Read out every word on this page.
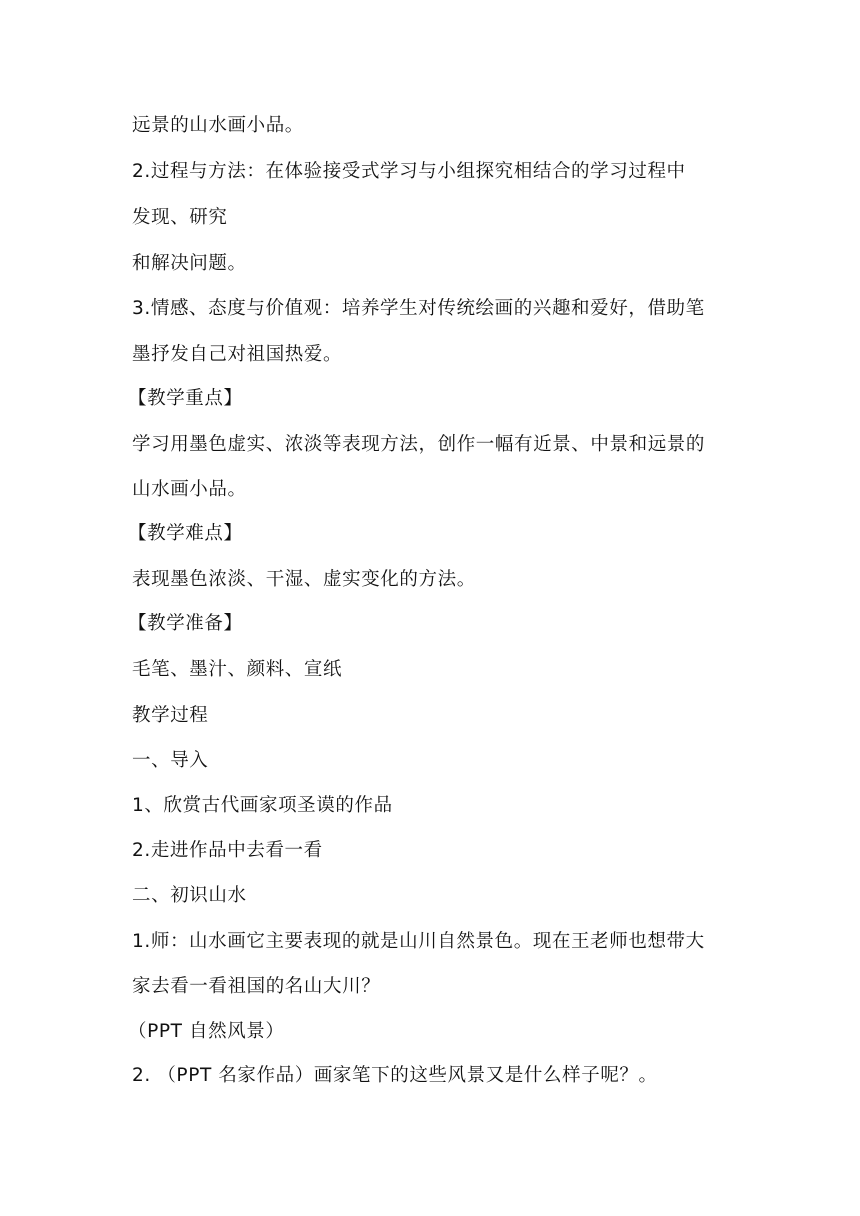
远景的山水画小品。
2.过程与方法：在体验接受式学习与小组探究相结合的学习过程中
发现、研究
和解决问题。
3.情感、态度与价值观：培养学生对传统绘画的兴趣和爱好，借助笔
墨抒发自己对祖国热爱。
【教学重点】
学习用墨色虚实、浓淡等表现方法，创作一幅有近景、中景和远景的
山水画小品。
【教学难点】
表现墨色浓淡、干湿、虚实变化的方法。
【教学准备】
毛笔、墨汁、颜料、宣纸
教学过程
一、导入
1、欣赏古代画家项圣谟的作品
2.走进作品中去看一看
二、初识山水
1.师：山水画它主要表现的就是山川自然景色。现在王老师也想带大
家去看一看祖国的名山大川？
（PPT 自然风景）
2. （PPT 名家作品）画家笔下的这些风景又是什么样子呢？。
